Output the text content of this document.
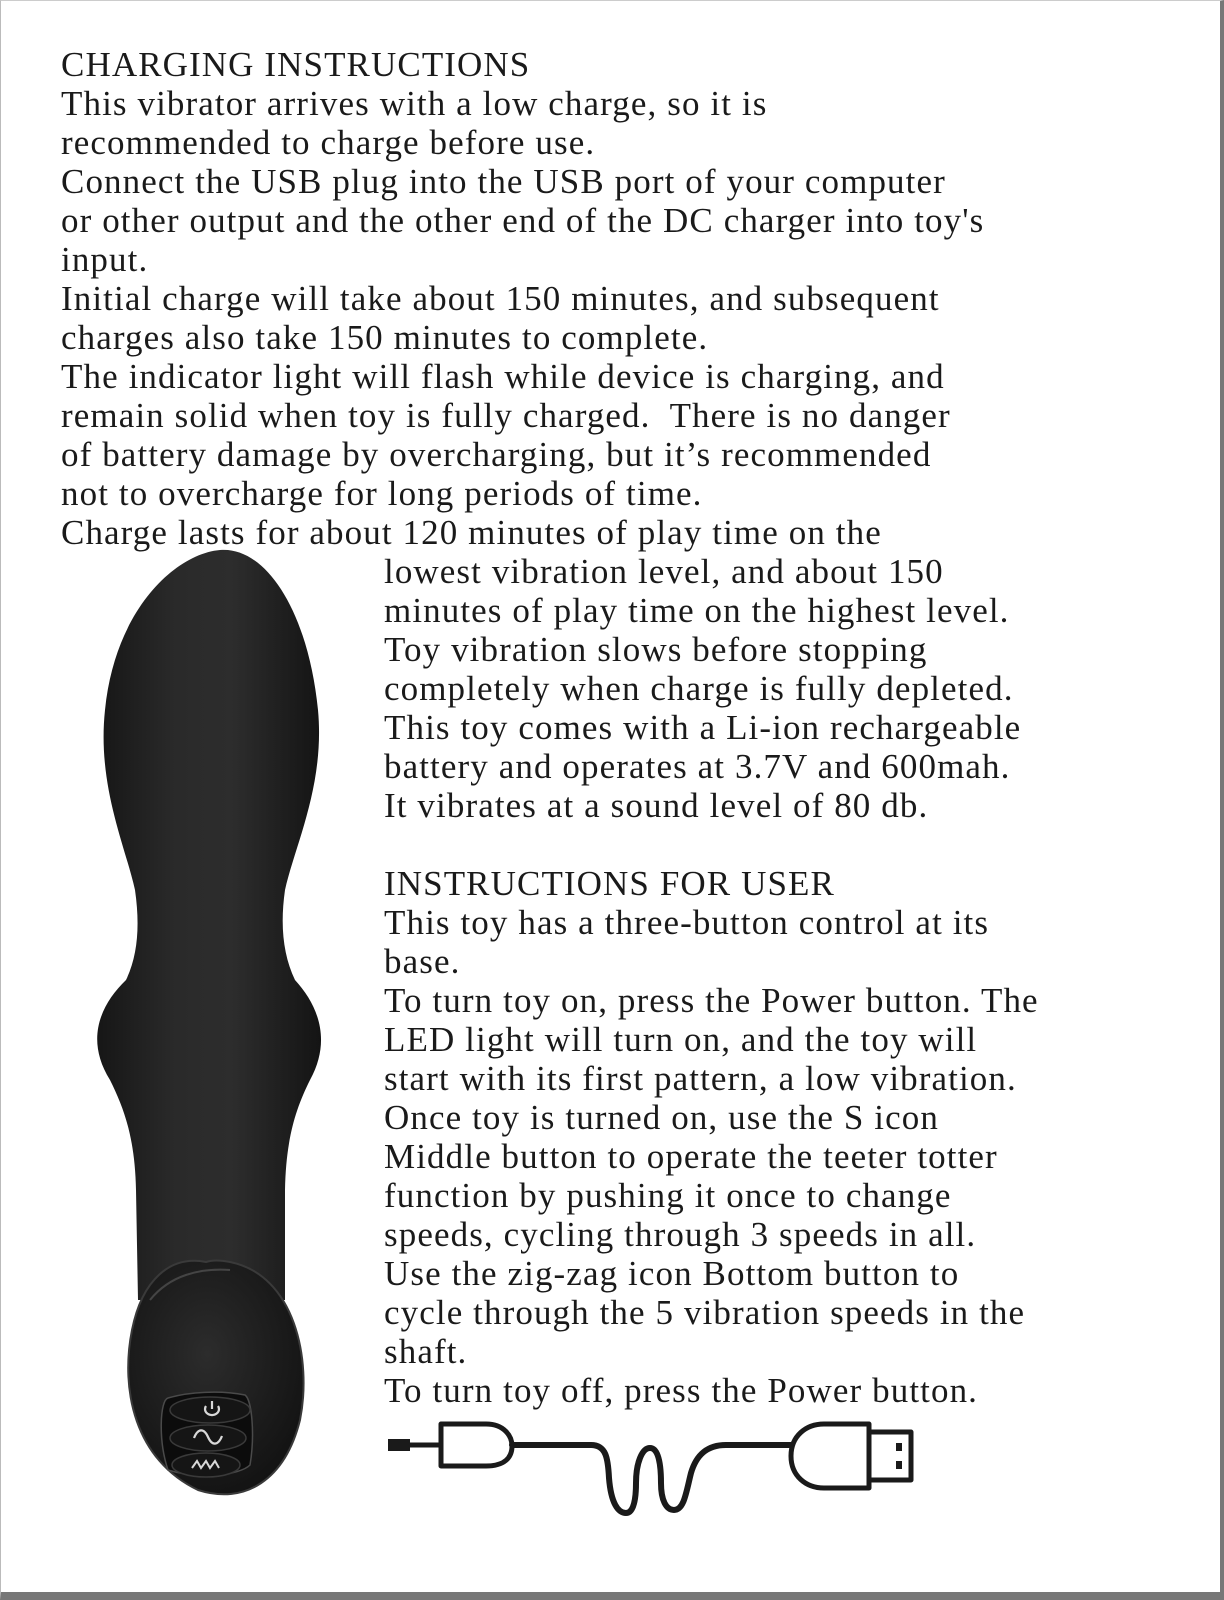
CHARGING INSTRUCTIONS
This vibrator arrives with a low charge, so it is
recommended to charge before use.
Connect the USB plug into the USB port of your computer
or other output and the other end of the DC charger into toy's
input.
Initial charge will take about 150 minutes, and subsequent
charges also take 150 minutes to complete.
The indicator light will flash while device is charging, and
remain solid when toy is fully charged.  There is no danger
of battery damage by overcharging, but it’s recommended
not to overcharge for long periods of time.
Charge lasts for about 120 minutes of play time on the
lowest vibration level, and about 150
minutes of play time on the highest level.
Toy vibration slows before stopping
completely when charge is fully depleted.
This toy comes with a Li-ion rechargeable
battery and operates at 3.7V and 600mah.
It vibrates at a sound level of 80 db.
INSTRUCTIONS FOR USER
This toy has a three-button control at its
base.
To turn toy on, press the Power button. The
LED light will turn on, and the toy will
start with its first pattern, a low vibration.
Once toy is turned on, use the S icon
Middle button to operate the teeter totter
function by pushing it once to change
speeds, cycling through 3 speeds in all.
Use the zig-zag icon Bottom button to
cycle through the 5 vibration speeds in the
shaft.
To turn toy off, press the Power button.
